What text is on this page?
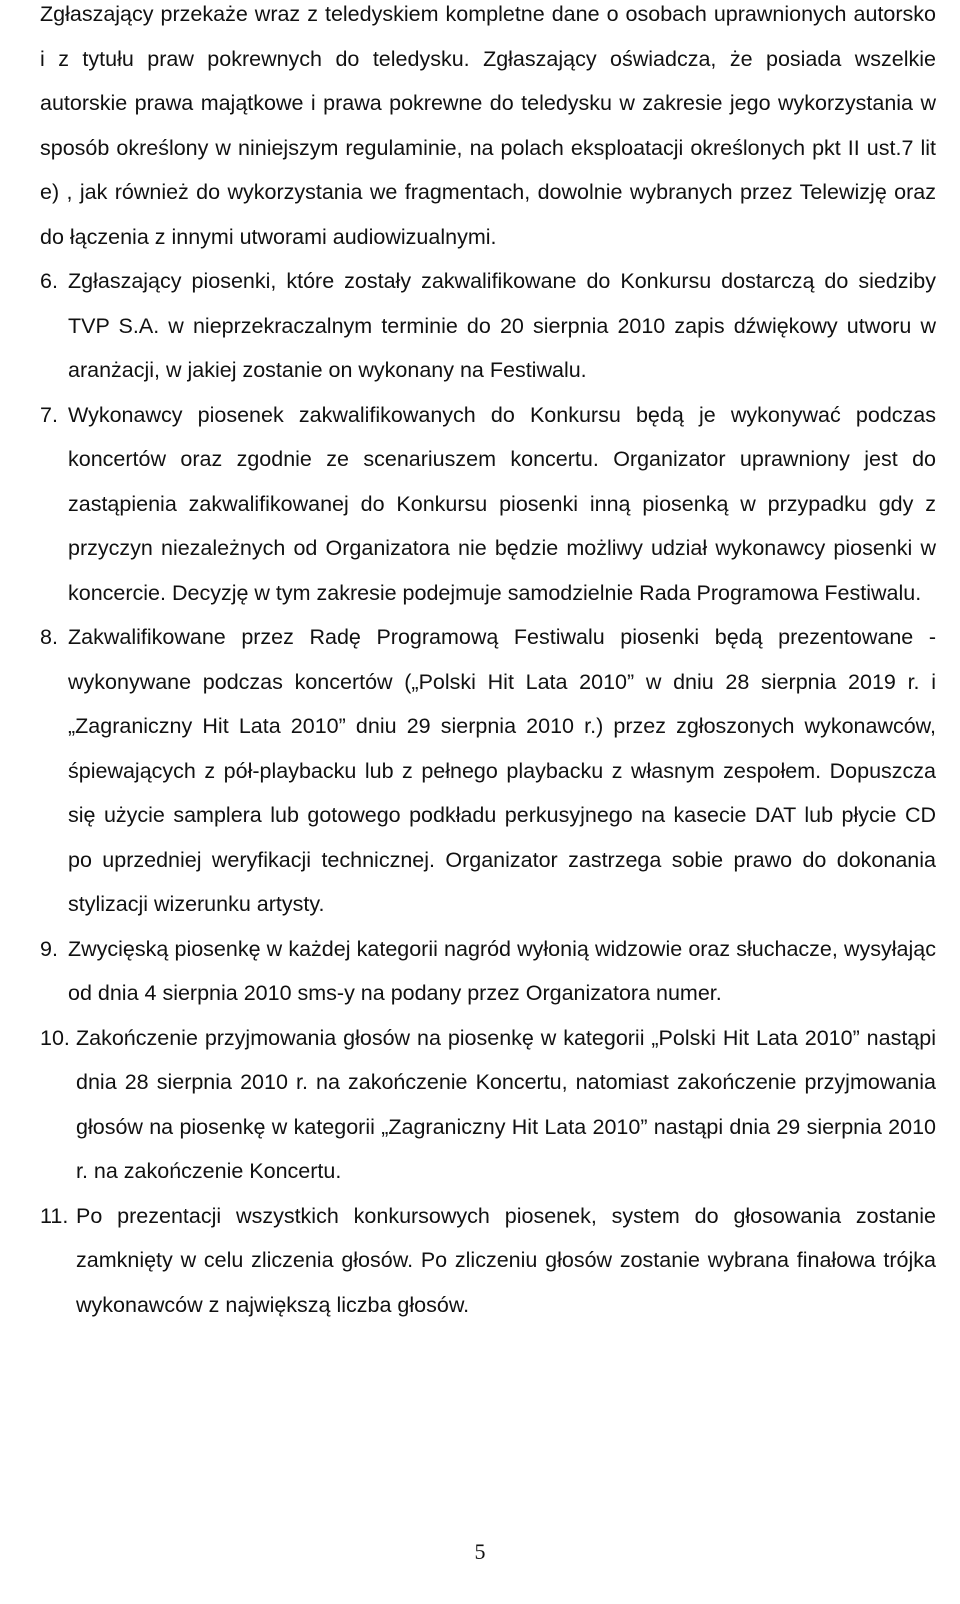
Zgłaszający przekaże wraz z teledyskiem kompletne dane o osobach uprawnionych autorsko i z tytułu praw pokrewnych do teledysku. Zgłaszający oświadcza, że posiada wszelkie autorskie prawa majątkowe i prawa pokrewne do teledysku w zakresie jego wykorzystania w sposób określony w niniejszym regulaminie, na polach eksploatacji określonych pkt II ust.7 lit e) , jak również do wykorzystania we fragmentach, dowolnie wybranych przez Telewizję oraz do łączenia z innymi utworami audiowizualnymi.

6. Zgłaszający piosenki, które zostały zakwalifikowane do Konkursu dostarczą do siedziby TVP S.A. w nieprzekraczalnym terminie do 20 sierpnia 2010 zapis dźwiękowy utworu w aranżacji, w jakiej zostanie on wykonany na Festiwalu.
7. Wykonawcy piosenek zakwalifikowanych do Konkursu będą je wykonywać podczas koncertów oraz zgodnie ze scenariuszem koncertu. Organizator uprawniony jest do zastąpienia zakwalifikowanej do Konkursu piosenki inną piosenką w przypadku gdy z przyczyn niezależnych od Organizatora nie będzie możliwy udział wykonawcy piosenki w koncercie. Decyzję w tym zakresie podejmuje samodzielnie Rada Programowa Festiwalu.
8. Zakwalifikowane przez Radę Programową Festiwalu piosenki będą prezentowane - wykonywane podczas koncertów („Polski Hit Lata 2010” w dniu 28 sierpnia 2019 r. i „Zagraniczny Hit Lata 2010” dniu 29 sierpnia 2010 r.) przez zgłoszonych wykonawców, śpiewających z pół-playbacku lub z pełnego playbacku z własnym zespołem. Dopuszcza się użycie samplera lub gotowego podkładu perkusyjnego na kasecie DAT lub płycie CD po uprzedniej weryfikacji technicznej. Organizator zastrzega sobie prawo do dokonania stylizacji wizerunku artysty.
9. Zwycięską piosenkę w każdej kategorii nagród wyłonią widzowie oraz słuchacze, wysyłając od dnia 4 sierpnia 2010 sms-y na podany przez Organizatora numer.
10. Zakończenie przyjmowania głosów na piosenkę w kategorii „Polski Hit Lata 2010” nastąpi dnia 28 sierpnia 2010 r. na zakończenie Koncertu, natomiast zakończenie przyjmowania głosów na piosenkę w kategorii „Zagraniczny Hit Lata 2010” nastąpi dnia 29 sierpnia 2010 r. na zakończenie Koncertu.
11. Po prezentacji wszystkich konkursowych piosenek, system do głosowania zostanie zamknięty w celu zliczenia głosów. Po zliczeniu głosów zostanie wybrana finałowa trójka wykonawców z największą liczba głosów.
5
